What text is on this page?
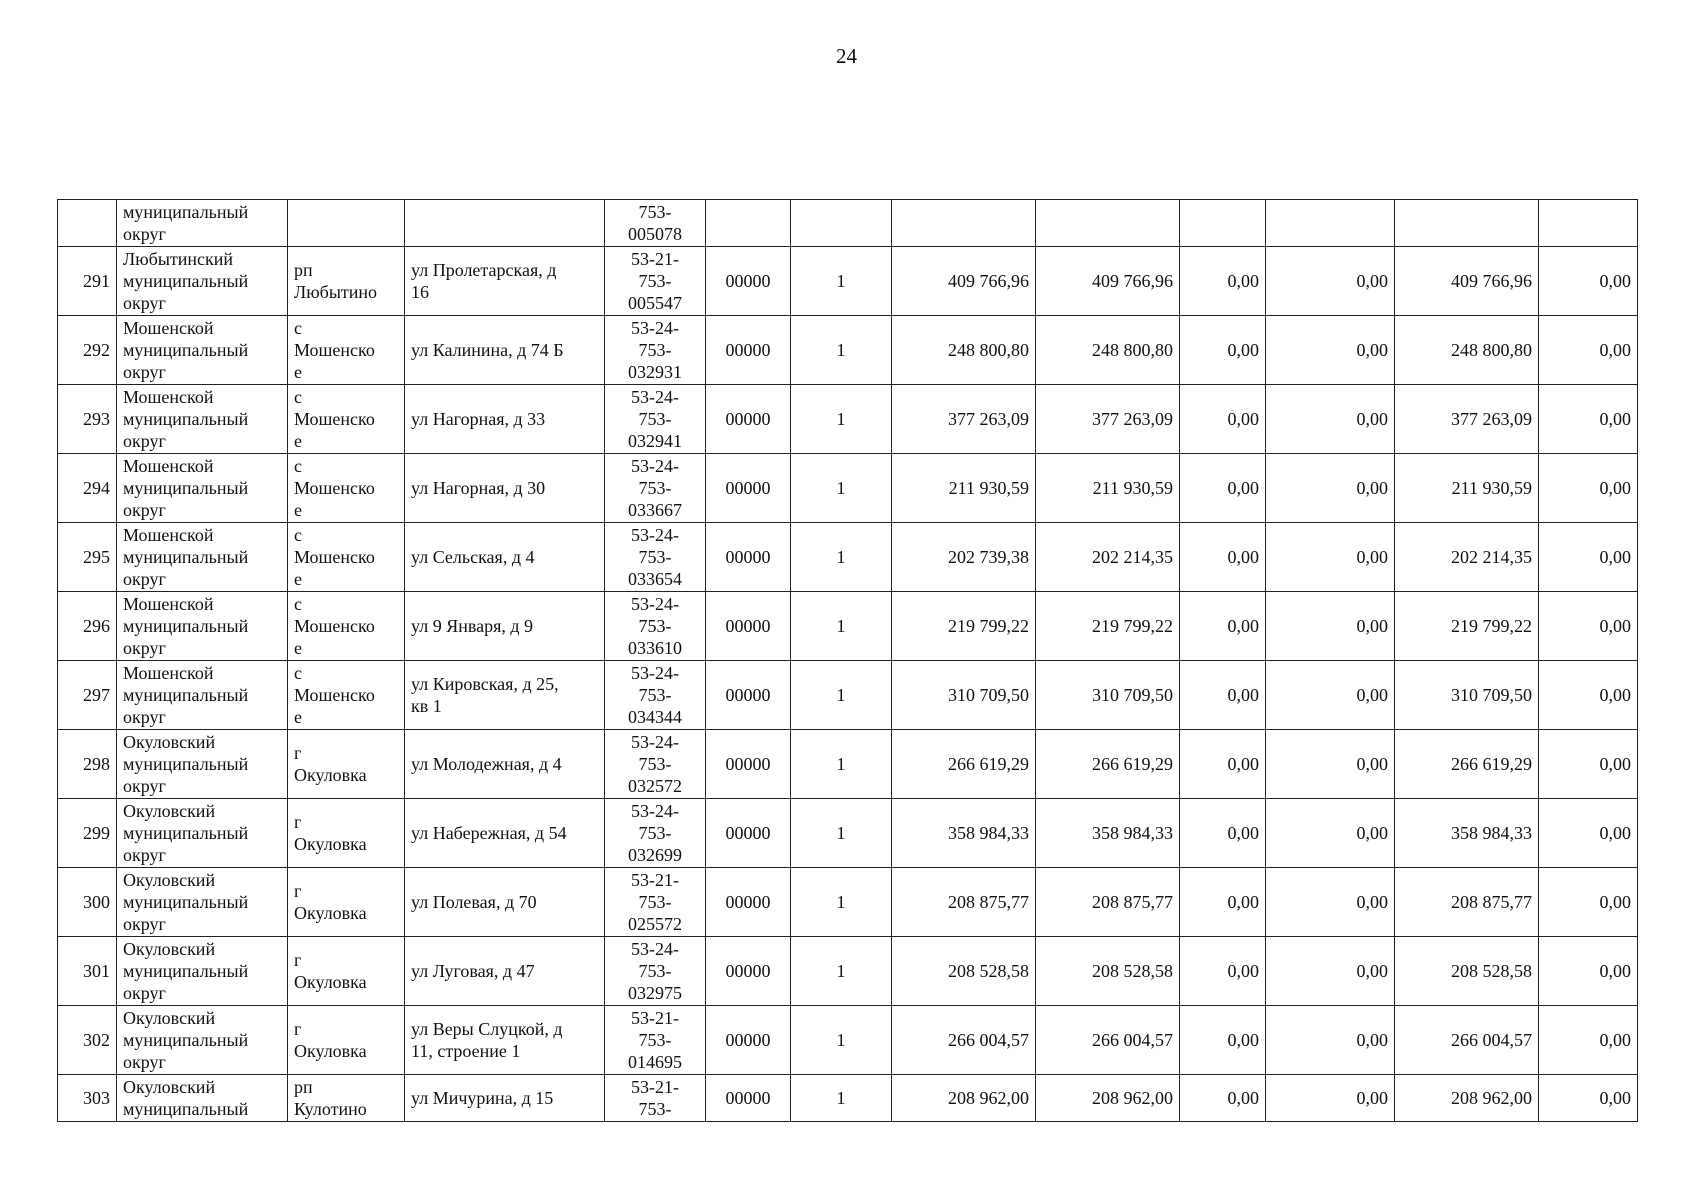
24

	муниципальный
округ			753-
005078								

291	Любытинский
муниципальный
округ	рп
Любытино	ул Пролетарская, д
16	53-21-
753-
005547	00000	1	409 766,96	409 766,96	0,00	0,00	409 766,96	0,00
292	Мошенской
муниципальный
округ	с
Мошенско
е	ул Калинина, д 74 Б	53-24-
753-
032931	00000	1	248 800,80	248 800,80	0,00	0,00	248 800,80	0,00
293	Мошенской
муниципальный
округ	с
Мошенско
е	ул Нагорная, д 33	53-24-
753-
032941	00000	1	377 263,09	377 263,09	0,00	0,00	377 263,09	0,00
294	Мошенской
муниципальный
округ	с
Мошенско
е	ул Нагорная, д 30	53-24-
753-
033667	00000	1	211 930,59	211 930,59	0,00	0,00	211 930,59	0,00
295	Мошенской
муниципальный
округ	с
Мошенско
е	ул Сельская, д 4	53-24-
753-
033654	00000	1	202 739,38	202 214,35	0,00	0,00	202 214,35	0,00
296	Мошенской
муниципальный
округ	с
Мошенско
е	ул 9 Января, д 9	53-24-
753-
033610	00000	1	219 799,22	219 799,22	0,00	0,00	219 799,22	0,00
297	Мошенской
муниципальный
округ	с
Мошенско
е	ул Кировская, д 25,
кв 1	53-24-
753-
034344	00000	1	310 709,50	310 709,50	0,00	0,00	310 709,50	0,00
298	Окуловский
муниципальный
округ	г
Окуловка	ул Молодежная, д 4	53-24-
753-
032572	00000	1	266 619,29	266 619,29	0,00	0,00	266 619,29	0,00
299	Окуловский
муниципальный
округ	г
Окуловка	ул Набережная, д 54	53-24-
753-
032699	00000	1	358 984,33	358 984,33	0,00	0,00	358 984,33	0,00
300	Окуловский
муниципальный
округ	г
Окуловка	ул Полевая, д 70	53-21-
753-
025572	00000	1	208 875,77	208 875,77	0,00	0,00	208 875,77	0,00
301	Окуловский
муниципальный
округ	г
Окуловка	ул Луговая, д 47	53-24-
753-
032975	00000	1	208 528,58	208 528,58	0,00	0,00	208 528,58	0,00
302	Окуловский
муниципальный
округ	г
Окуловка	ул Веры Слуцкой, д
11, строение 1	53-21-
753-
014695	00000	1	266 004,57	266 004,57	0,00	0,00	266 004,57	0,00
303	Окуловский
муниципальный	рп
Кулотино	ул Мичурина, д 15	53-21-
753-	00000	1	208 962,00	208 962,00	0,00	0,00	208 962,00	0,00
